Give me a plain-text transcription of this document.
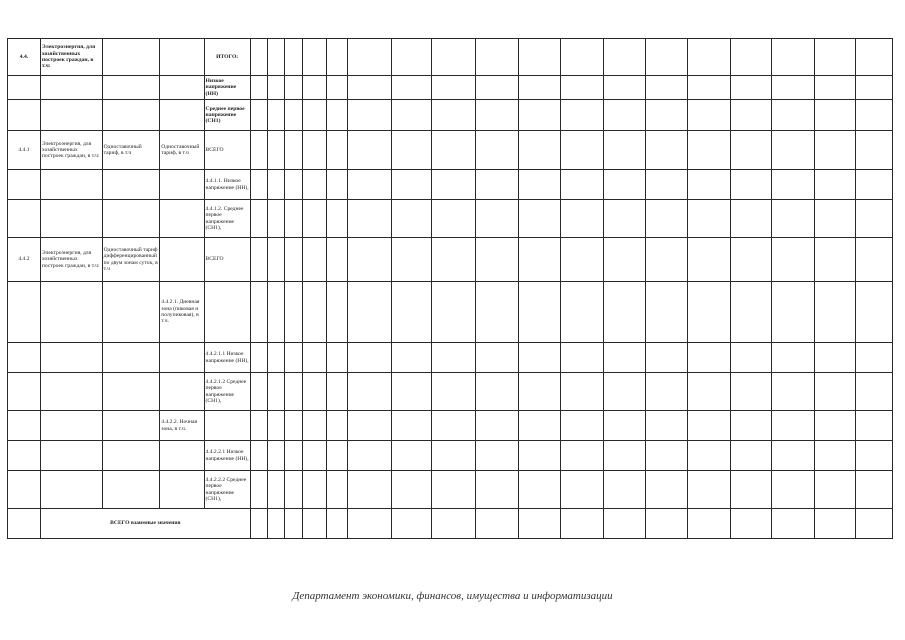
4.4.	Электроэнергия, для хозяйственных построек граждан, в т.ч:			ИТОГО:																		
				Низкое напряжение (НН)																		
				Среднее первое напряжение (СН1)																		
4.4.1	Электроэнергия, для хозяйственных построек граждан, в т.ч:	Одноставочный тариф, в т.ч	Одноставочный тариф, в т.ч	ВСЕГО																		
				4.4.1.1. Низкое напряжение (НН),																		
				4.4.1.2. Среднее первое напряжение (СН1),																		
4.4.2	Электроэнергия, для хозяйственных построек граждан, в т.ч:	Одноставочный тариф дифференцированный по двум зонам суток, в т.ч		ВСЕГО																		
			4.4.2.1. Дневная зона (пиковая и полупиковая), в т.ч.																			
				4.4.2.1.1 Низкое напряжение (НН),																		
				4.4.2.1.2 Среднее первое напряжение (СН1),																		
			4.4.2.2. Ночная зона, в т.ч.																			
				4.4.2.2.1 Низкое напряжение (НН),																		
				4.4.2.2.2 Среднее первое напряжение (СН1),																		
	ВСЕГО взаимные значения																					
Департамент экономики, финансов, имущества и информатизации
